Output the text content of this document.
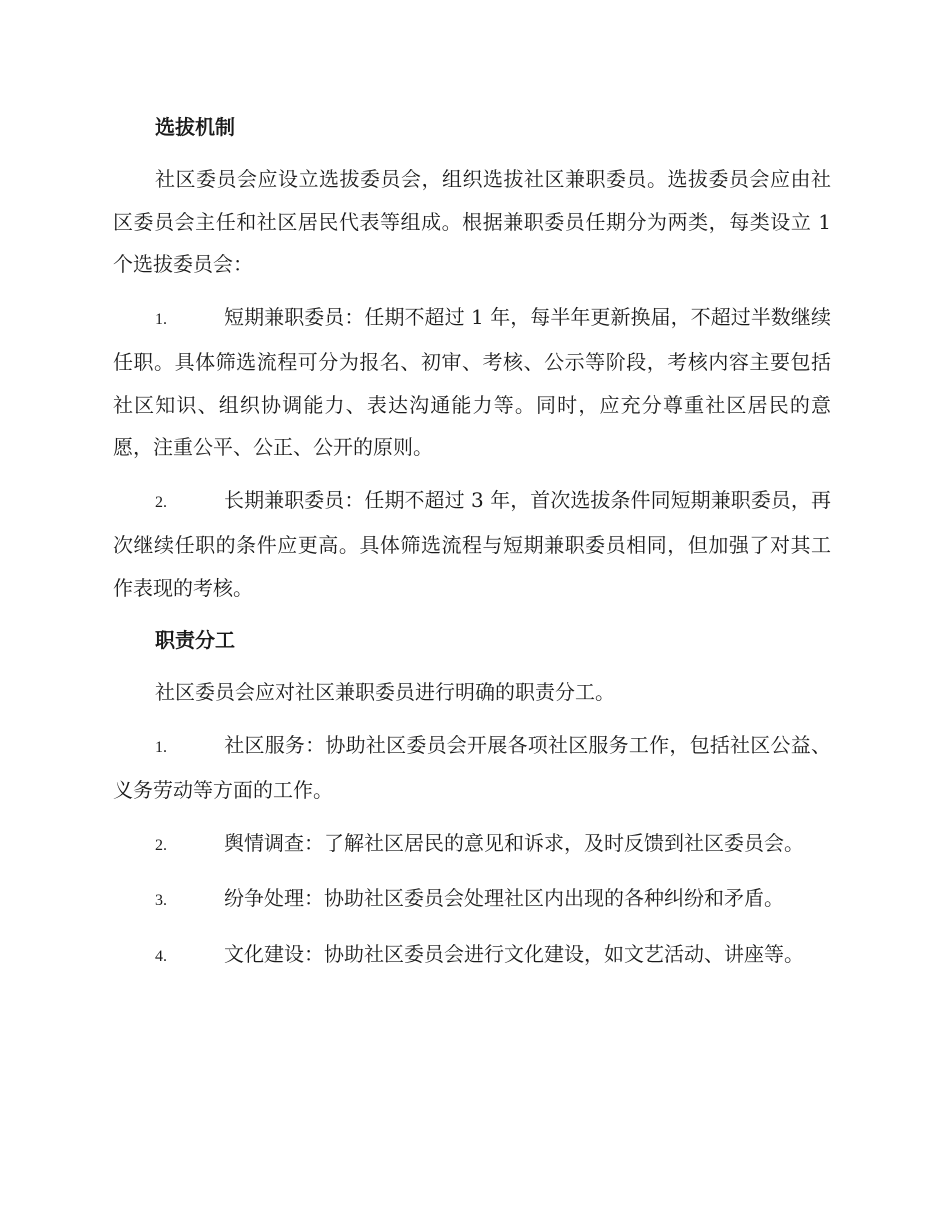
选拔机制

社区委员会应设立选拔委员会，组织选拔社区兼职委员。选拔委员会应由社区委员会主任和社区居民代表等组成。根据兼职委员任期分为两类，每类设立 1 个选拔委员会：

1.	短期兼职委员：任期不超过 1 年，每半年更新换届，不超过半数继续任职。具体筛选流程可分为报名、初审、考核、公示等阶段，考核内容主要包括社区知识、组织协调能力、表达沟通能力等。同时，应充分尊重社区居民的意愿，注重公平、公正、公开的原则。

2.	长期兼职委员：任期不超过 3 年，首次选拔条件同短期兼职委员，再次继续任职的条件应更高。具体筛选流程与短期兼职委员相同，但加强了对其工作表现的考核。

职责分工

社区委员会应对社区兼职委员进行明确的职责分工。

1.	社区服务：协助社区委员会开展各项社区服务工作，包括社区公益、义务劳动等方面的工作。

2.	舆情调查：了解社区居民的意见和诉求，及时反馈到社区委员会。

3.	纷争处理：协助社区委员会处理社区内出现的各种纠纷和矛盾。

4.	文化建设：协助社区委员会进行文化建设，如文艺活动、讲座等。
